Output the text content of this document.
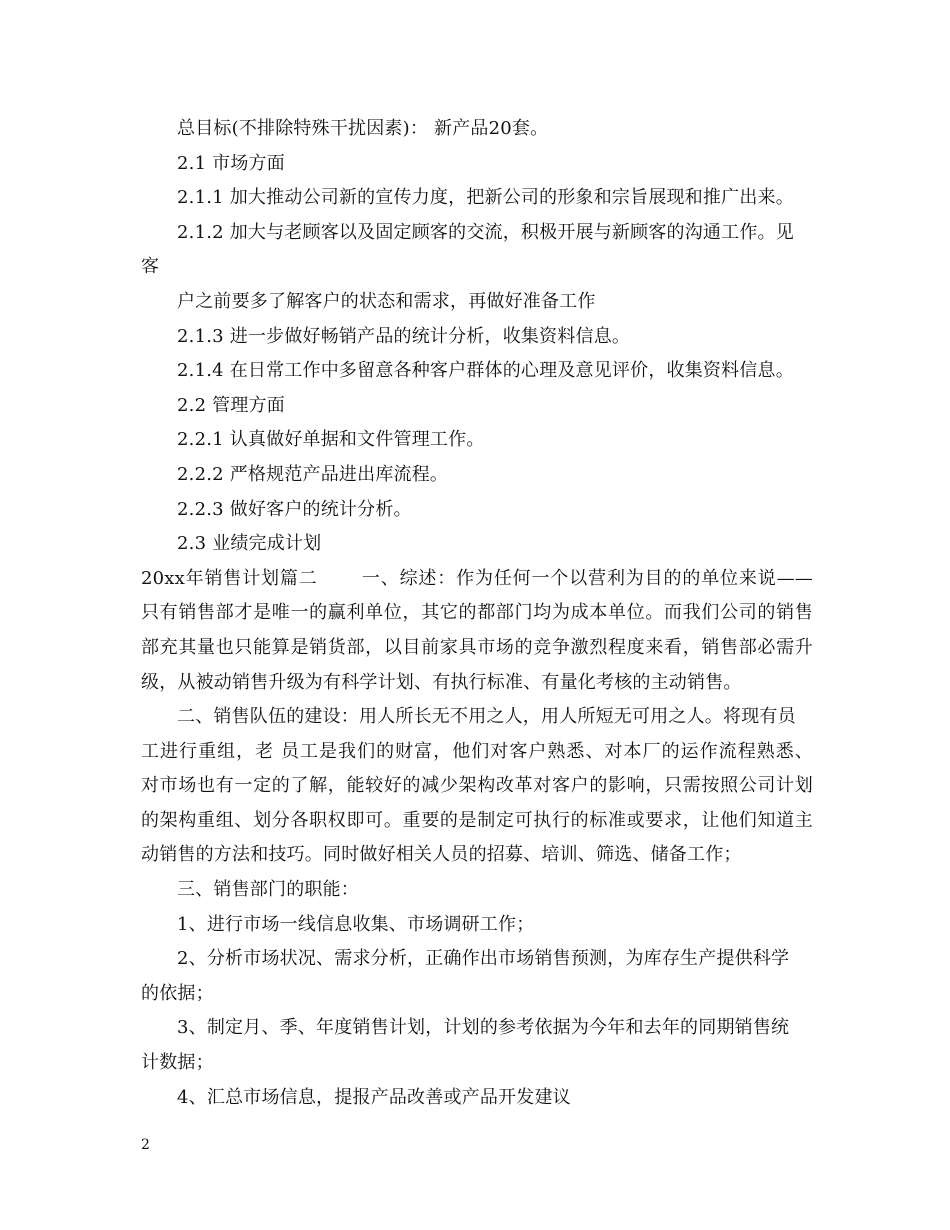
总目标(不排除特殊干扰因素)： 新产品20套。
2.1 市场方面
2.1.1 加大推动公司新的宣传力度，把新公司的形象和宗旨展现和推广出来。
2.1.2 加大与老顾客以及固定顾客的交流，积极开展与新顾客的沟通工作。见
客
户之前要多了解客户的状态和需求，再做好准备工作
2.1.3 进一步做好畅销产品的统计分析，收集资料信息。
2.1.4 在日常工作中多留意各种客户群体的心理及意见评价，收集资料信息。
2.2 管理方面
2.2.1 认真做好单据和文件管理工作。
2.2.2 严格规范产品进出库流程。
2.2.3 做好客户的统计分析。
2.3 业绩完成计划
20xx年销售计划篇二　　 一、综述：作为任何一个以营利为目的的单位来说——
只有销售部才是唯一的赢利单位，其它的都部门均为成本单位。而我们公司的销售
部充其量也只能算是销货部，以目前家具市场的竞争激烈程度来看，销售部必需升
级，从被动销售升级为有科学计划、有执行标准、有量化考核的主动销售。
二、销售队伍的建设：用人所长无不用之人，用人所短无可用之人。将现有员
工进行重组，老 员工是我们的财富，他们对客户熟悉、对本厂的运作流程熟悉、
对市场也有一定的了解，能较好的减少架构改革对客户的影响，只需按照公司计划
的架构重组、划分各职权即可。重要的是制定可执行的标准或要求，让他们知道主
动销售的方法和技巧。同时做好相关人员的招募、培训、筛选、储备工作；
三、销售部门的职能：
1、进行市场一线信息收集、市场调研工作；
2、分析市场状况、需求分析，正确作出市场销售预测，为库存生产提供科学
的依据；
3、制定月、季、年度销售计划，计划的参考依据为今年和去年的同期销售统
计数据；
4、汇总市场信息，提报产品改善或产品开发建议
2
